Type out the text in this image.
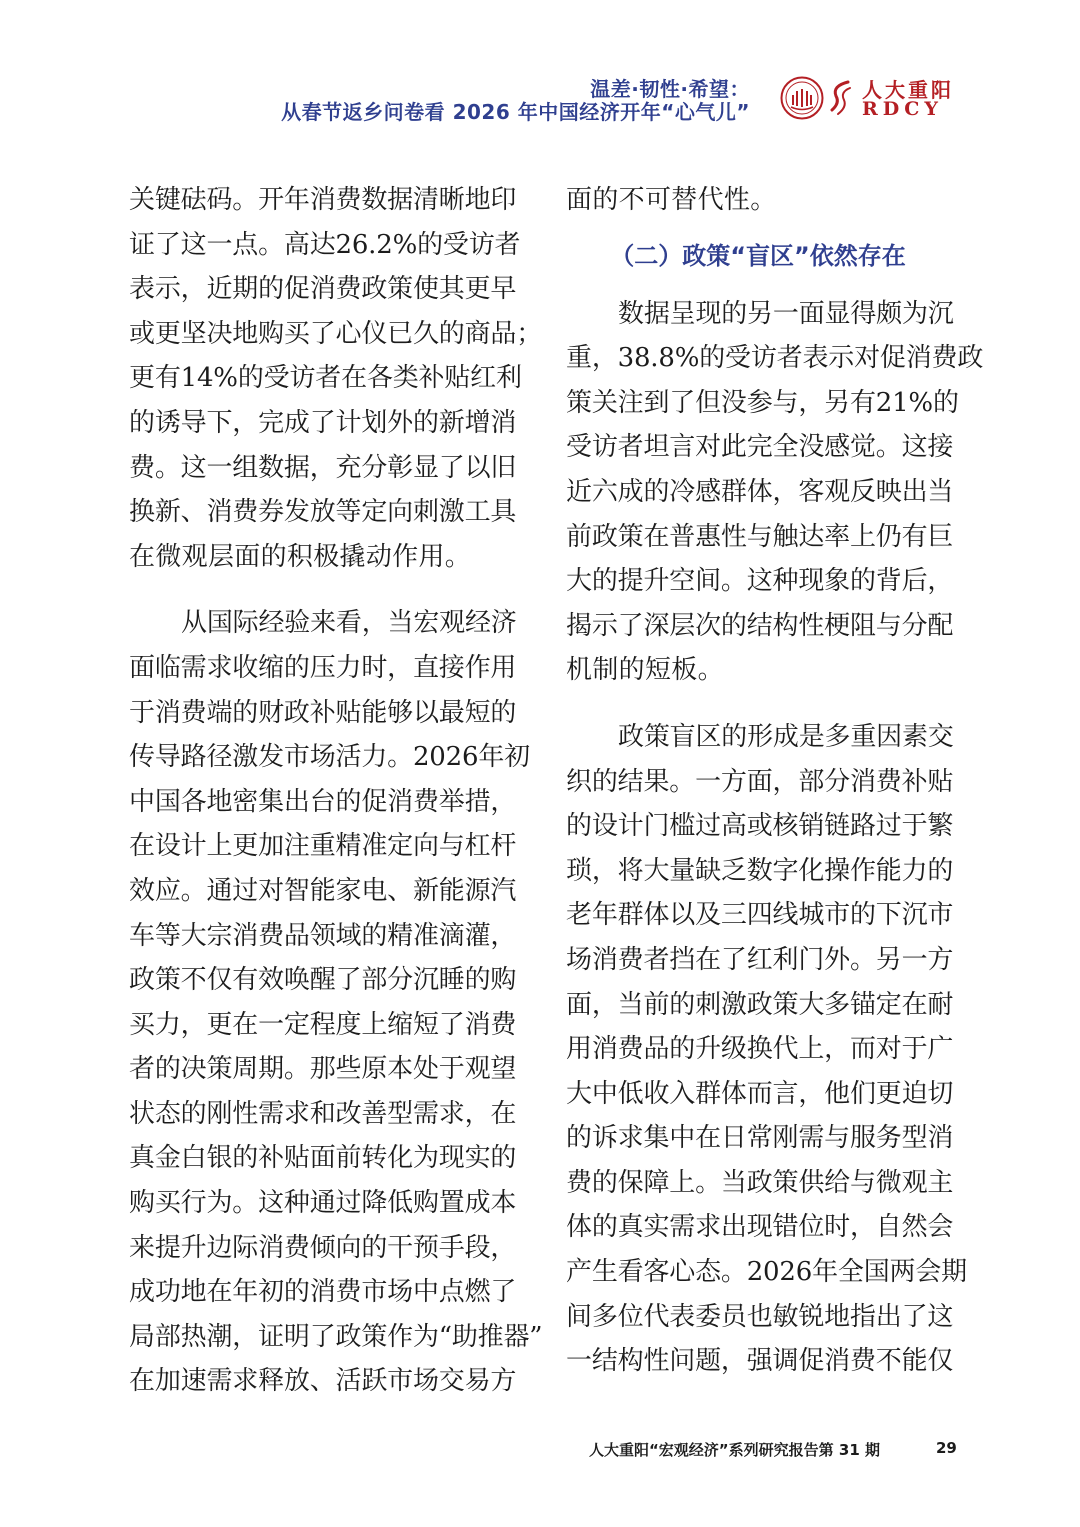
温差·韧性·希望：
从春节返乡问卷看 2026 年中国经济开年“心气儿”
人大重阳
RDCY
关 键 砝 码 。 开 年 消 费 数 据 清 晰 地 印
证 了 这 一 点 。 高 达 26.2% 的 受 访 者
表 示 ， 近 期 的 促 消 费 政 策 使 其 更 早
或 更 坚 决 地 购 买 了 心 仪 已 久 的 商 品 ；
更 有 14% 的 受 访 者 在 各 类 补 贴 红 利
的 诱 导 下 ， 完 成 了 计 划 外 的 新 增 消
费 。 这 一 组 数 据 ， 充 分 彰 显 了 以 旧
换 新 、 消 费 券 发 放 等 定 向 刺 激 工 具
在 微 观 层 面 的 积 极 撬 动 作 用 。
从 国 际 经 验 来 看 ， 当 宏 观 经 济
面 临 需 求 收 缩 的 压 力 时 ， 直 接 作 用
于 消 费 端 的 财 政 补 贴 能 够 以 最 短 的
传 导 路 径 激 发 市 场 活 力 。 2026 年 初
中 国 各 地 密 集 出 台 的 促 消 费 举 措 ，
在 设 计 上 更 加 注 重 精 准 定 向 与 杠 杆
效 应 。 通 过 对 智 能 家 电 、 新 能 源 汽
车 等 大 宗 消 费 品 领 域 的 精 准 滴 灌 ，
政 策 不 仅 有 效 唤 醒 了 部 分 沉 睡 的 购
买 力 ， 更 在 一 定 程 度 上 缩 短 了 消 费
者 的 决 策 周 期 。 那 些 原 本 处 于 观 望
状 态 的 刚 性 需 求 和 改 善 型 需 求 ， 在
真 金 白 银 的 补 贴 面 前 转 化 为 现 实 的
购 买 行 为 。 这 种 通 过 降 低 购 置 成 本
来 提 升 边 际 消 费 倾 向 的 干 预 手 段 ，
成 功 地 在 年 初 的 消 费 市 场 中 点 燃 了
局 部 热 潮 ， 证 明 了 政 策 作 为 “ 助 推 器 ”
在 加 速 需 求 释 放 、 活 跃 市 场 交 易 方
面 的 不 可 替 代 性 。
（二）政策“盲区”依然存在
数 据 呈 现 的 另 一 面 显 得 颇 为 沉
重 ， 38.8% 的 受 访 者 表 示 对 促 消 费 政
策 关 注 到 了 但 没 参 与 ， 另 有 21% 的
受 访 者 坦 言 对 此 完 全 没 感 觉 。 这 接
近 六 成 的 冷 感 群 体 ， 客 观 反 映 出 当
前 政 策 在 普 惠 性 与 触 达 率 上 仍 有 巨
大 的 提 升 空 间 。 这 种 现 象 的 背 后 ，
揭 示 了 深 层 次 的 结 构 性 梗 阻 与 分 配
机 制 的 短 板 。
政 策 盲 区 的 形 成 是 多 重 因 素 交
织 的 结 果 。 一 方 面 ， 部 分 消 费 补 贴
的 设 计 门 槛 过 高 或 核 销 链 路 过 于 繁
琐 ， 将 大 量 缺 乏 数 字 化 操 作 能 力 的
老 年 群 体 以 及 三 四 线 城 市 的 下 沉 市
场 消 费 者 挡 在 了 红 利 门 外 。 另 一 方
面 ， 当 前 的 刺 激 政 策 大 多 锚 定 在 耐
用 消 费 品 的 升 级 换 代 上 ， 而 对 于 广
大 中 低 收 入 群 体 而 言 ， 他 们 更 迫 切
的 诉 求 集 中 在 日 常 刚 需 与 服 务 型 消
费 的 保 障 上 。 当 政 策 供 给 与 微 观 主
体 的 真 实 需 求 出 现 错 位 时 ， 自 然 会
产 生 看 客 心 态 。 2026 年 全 国 两 会 期
间 多 位 代 表 委 员 也 敏 锐 地 指 出 了 这
一 结 构 性 问 题 ， 强 调 促 消 费 不 能 仅
人大重阳“宏观经济”系列研究报告第 31 期	29
